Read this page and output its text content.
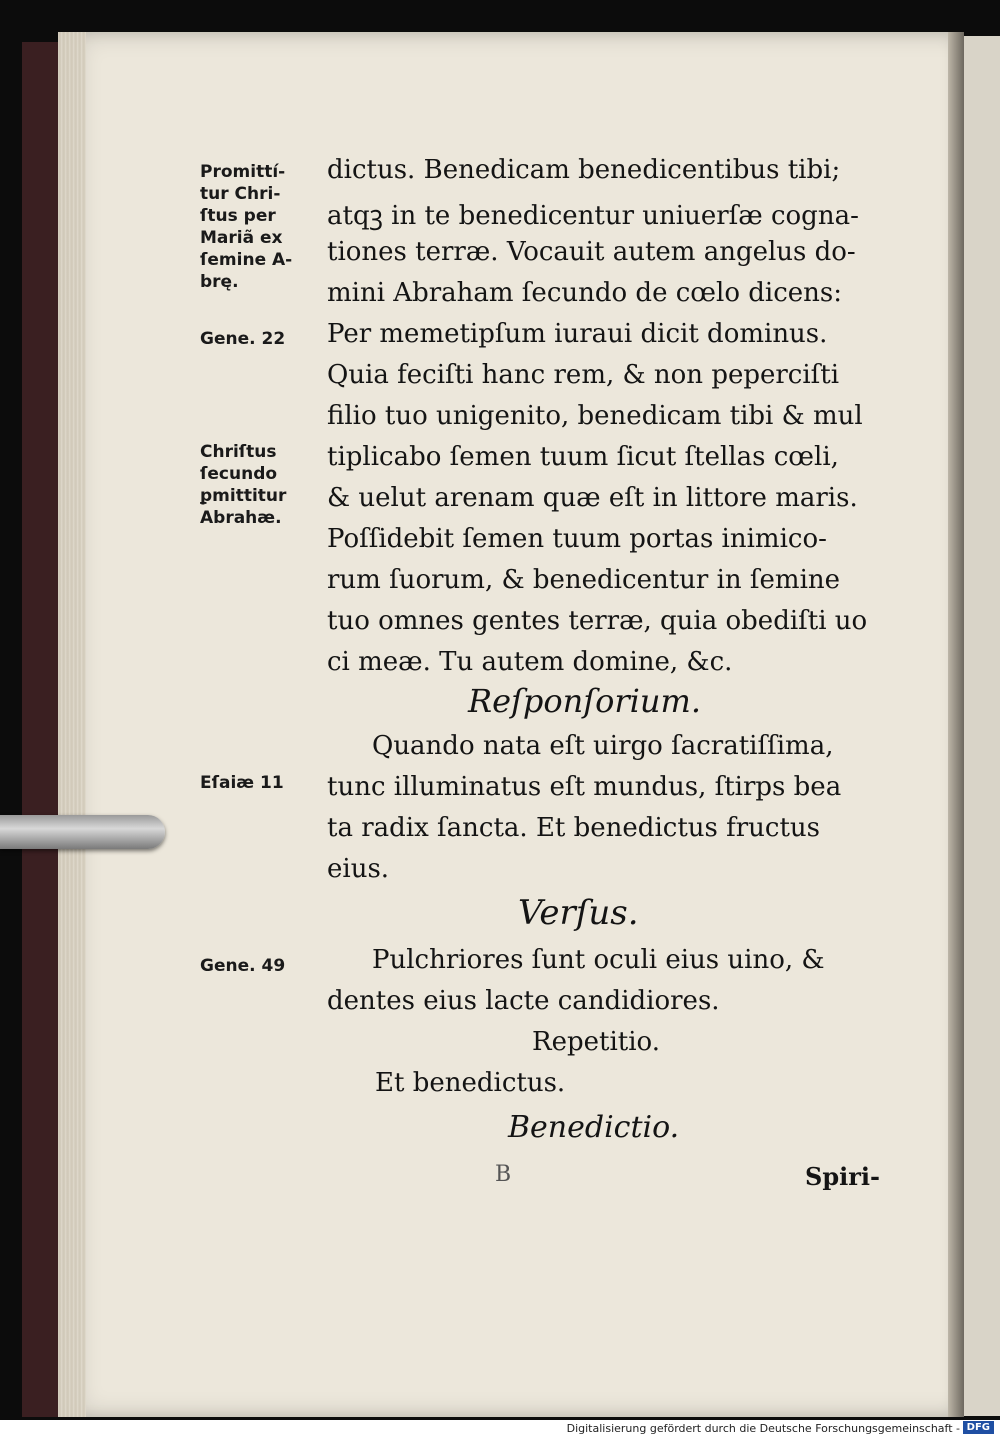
Promittí-
tur Chri-
ſtus per
Mariã ex
ſemine A-
brę.
Gene. 22
Chriſtus
ſecundo
ꝑmittitur
Abrahæ.
Eſaiæ 11
Gene. 49
dictus. Benedicam benedicentibus tibi;
atqꝫ in te benedicentur uniuerſæ cogna-
tiones terræ. Vocauit autem angelus do-
mini Abraham ſecundo de cœlo dicens:
Per memetipſum iuraui dicit dominus.
Quia feciſti hanc rem, & non peperciſti
filio tuo unigenito, benedicam tibi & mul
tiplicabo ſemen tuum ſicut ſtellas cœli,
& uelut arenam quæ eſt in littore maris.
Poſſidebit ſemen tuum portas inimico-
rum ſuorum, & benedicentur in ſemine
tuo omnes gentes terræ, quia obediſti uo
ci meæ. Tu autem domine, &c.
Reſponſorium.
Quando nata eſt uirgo ſacratiſſima,
tunc illuminatus eſt mundus, ſtirps bea
ta radix ſancta. Et benedictus fructus
eius.
Verſus.
Pulchriores ſunt oculi eius uino, &
dentes eius lacte candidiores.
Repetitio.
Et benedictus.
Benedictio.
B	Spiri-
Digitalisierung gefördert durch die Deutsche Forschungsgemeinschaft - DFG
